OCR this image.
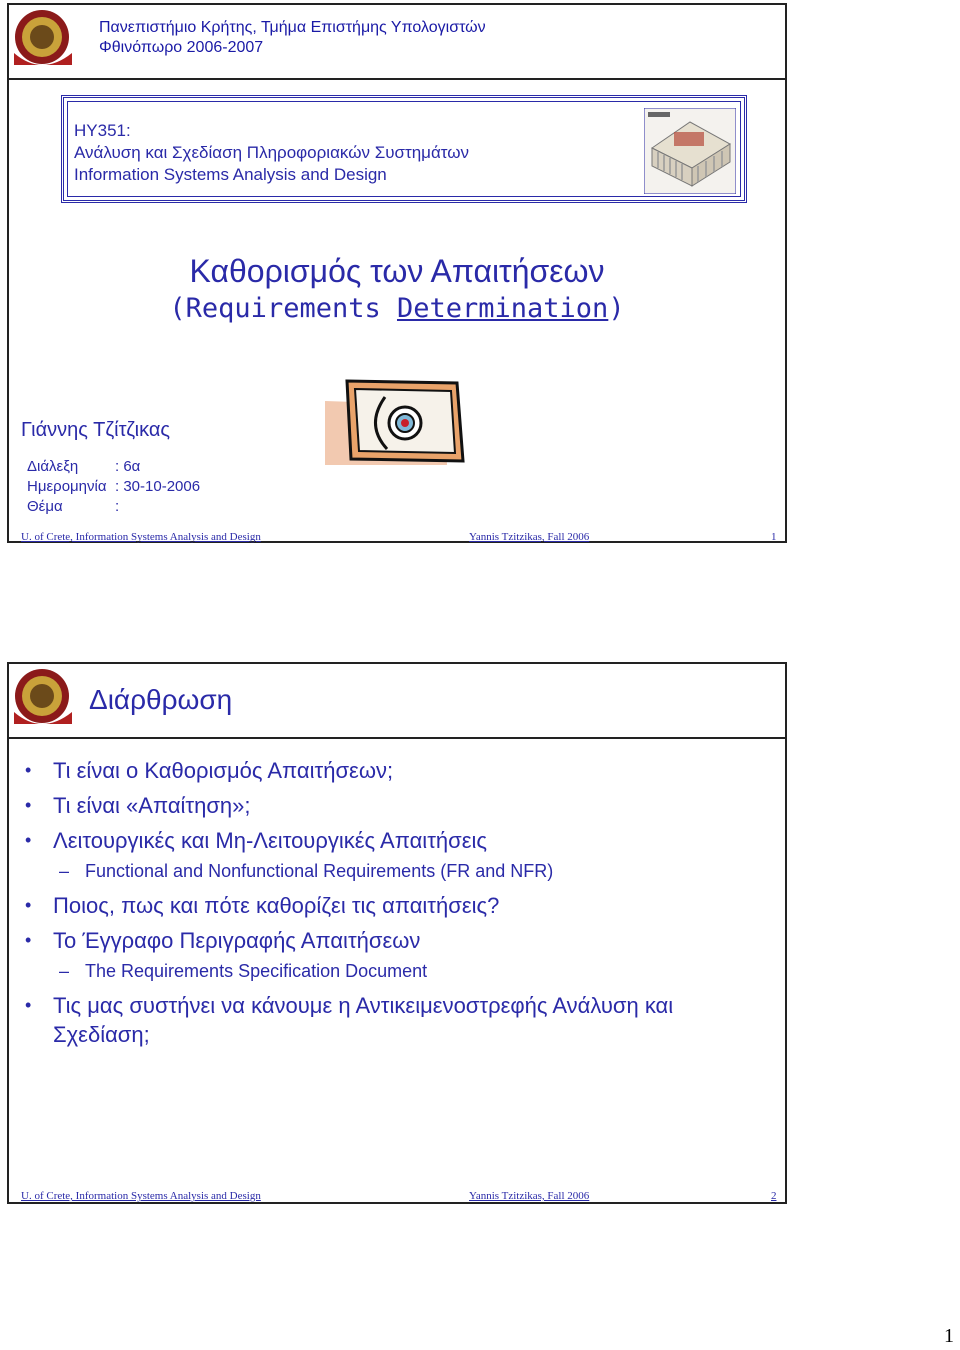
Πανεπιστήμιο Κρήτης, Τμήμα Επιστήμης Υπολογιστών
Φθινόπωρο 2006-2007
ΗΥ351:
Ανάλυση και Σχεδίαση Πληροφοριακών Συστημάτων
Information Systems Analysis and Design
Καθορισμός των Απαιτήσεων
(Requirements Determination)
Γιάννης Τζίτζικας
Διάλεξη	: 6α
Ημερομηνία	: 30-10-2006
Θέμα	:
U. of Crete, Information Systems Analysis and Design	Yannis Tzitzikas, Fall 2006	1
Διάρθρωση
• Τι είναι ο Καθορισμός Απαιτήσεων;
• Τι είναι «Απαίτηση»;
• Λειτουργικές και Μη-Λειτουργικές Απαιτήσεις
– Functional and Nonfunctional Requirements (FR and NFR)
• Ποιος, πως και πότε καθορίζει τις απαιτήσεις?
• Το Έγγραφο Περιγραφής Απαιτήσεων
– The Requirements Specification Document
• Τις μας συστήνει να κάνουμε η Αντικειμενοστρεφής Ανάλυση και Σχεδίαση;
U. of Crete, Information Systems Analysis and Design	Yannis Tzitzikas, Fall 2006	2
1
